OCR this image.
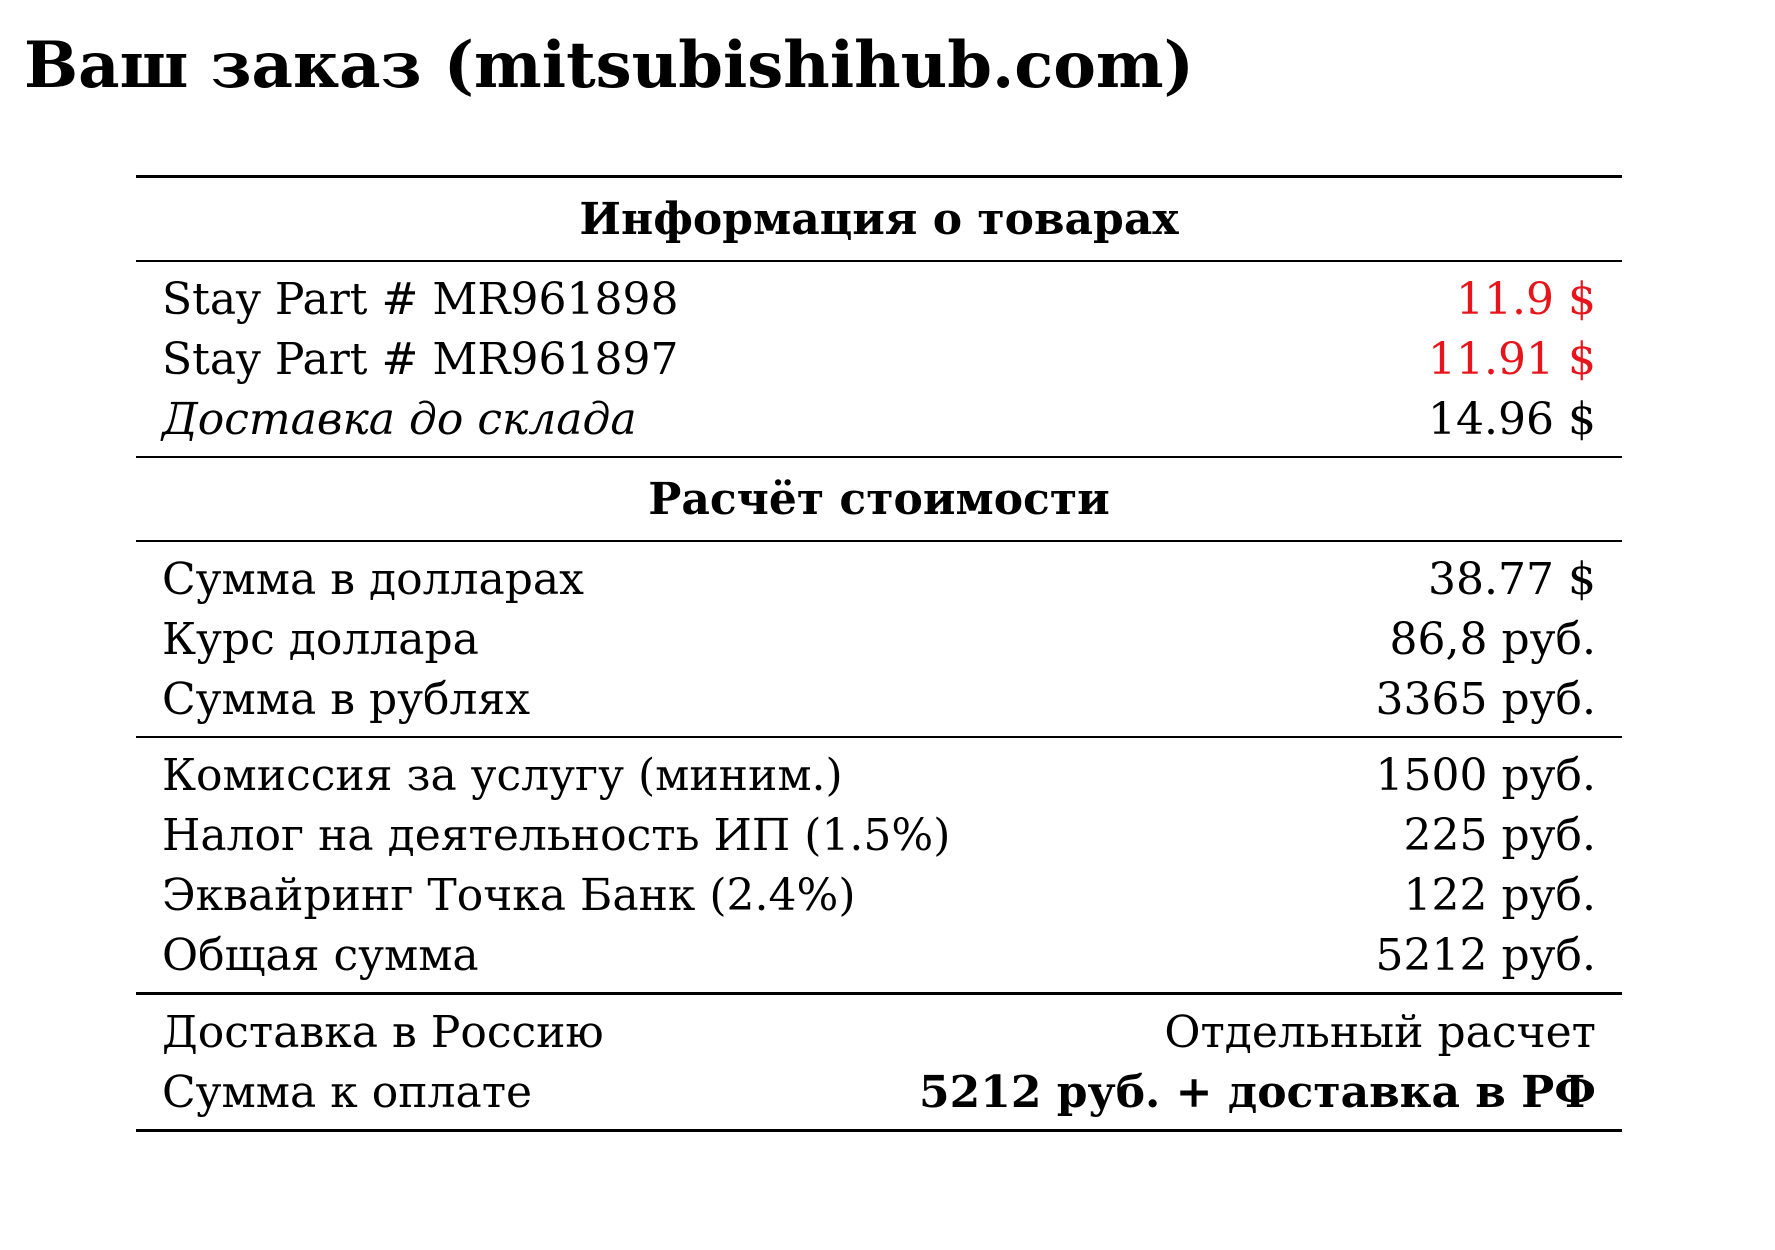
Ваш заказ (mitsubishihub.com)
Информация о товарах
Stay Part # MR961898	11.9 $
Stay Part # MR961897	11.91 $
Доставка до склада	14.96 $
Расчёт стоимости
Сумма в долларах	38.77 $
Курс доллара	86,8 руб.
Сумма в рублях	3365 руб.
Комиссия за услугу (миним.)	1500 руб.
Налог на деятельность ИП (1.5%)	225 руб.
Эквайринг Точка Банк (2.4%)	122 руб.
Общая сумма	5212 руб.
Доставка в Россию	Отдельный расчет
Сумма к оплате	5212 руб. + доставка в РФ
